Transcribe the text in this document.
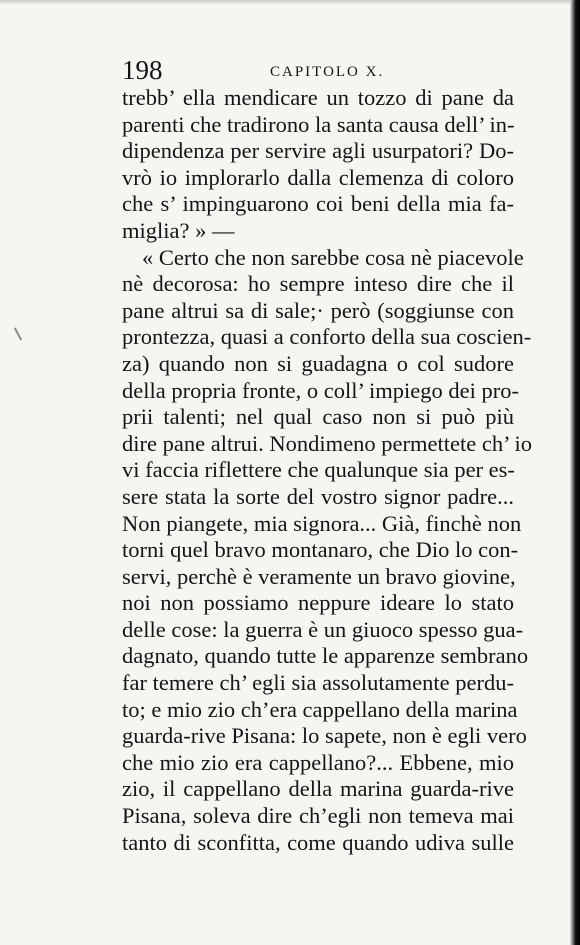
198	CAPITOLO X.
trebb’ ella mendicare un tozzo di pane da
parenti che tradirono la santa causa dell’ in-
dipendenza per servire agli usurpatori? Do-
vrò io implorarlo dalla clemenza di coloro
che s’ impinguarono coi beni della mia fa-
miglia? » —
« Certo che non sarebbe cosa nè piacevole
nè decorosa: ho sempre inteso dire che il
pane altrui sa di sale;· però (soggiunse con
prontezza, quasi a conforto della sua coscien-
za) quando non si guadagna o col sudore
della propria fronte, o coll’ impiego dei pro-
prii talenti; nel qual caso non si può più
dire pane altrui. Nondimeno permettete ch’ io
vi faccia riflettere che qualunque sia per es-
sere stata la sorte del vostro signor padre...
Non piangete, mia signora... Già, finchè non
torni quel bravo montanaro, che Dio lo con-
servi, perchè è veramente un bravo giovine,
noi non possiamo neppure ideare lo stato
delle cose: la guerra è un giuoco spesso gua-
dagnato, quando tutte le apparenze sembrano
far temere ch’ egli sia assolutamente perdu-
to; e mio zio ch’era cappellano della marina
guarda-rive Pisana: lo sapete, non è egli vero
che mio zio era cappellano?... Ebbene, mio
zio, il cappellano della marina guarda-rive
Pisana, soleva dire ch’egli non temeva mai
tanto di sconfitta, come quando udiva sulle
